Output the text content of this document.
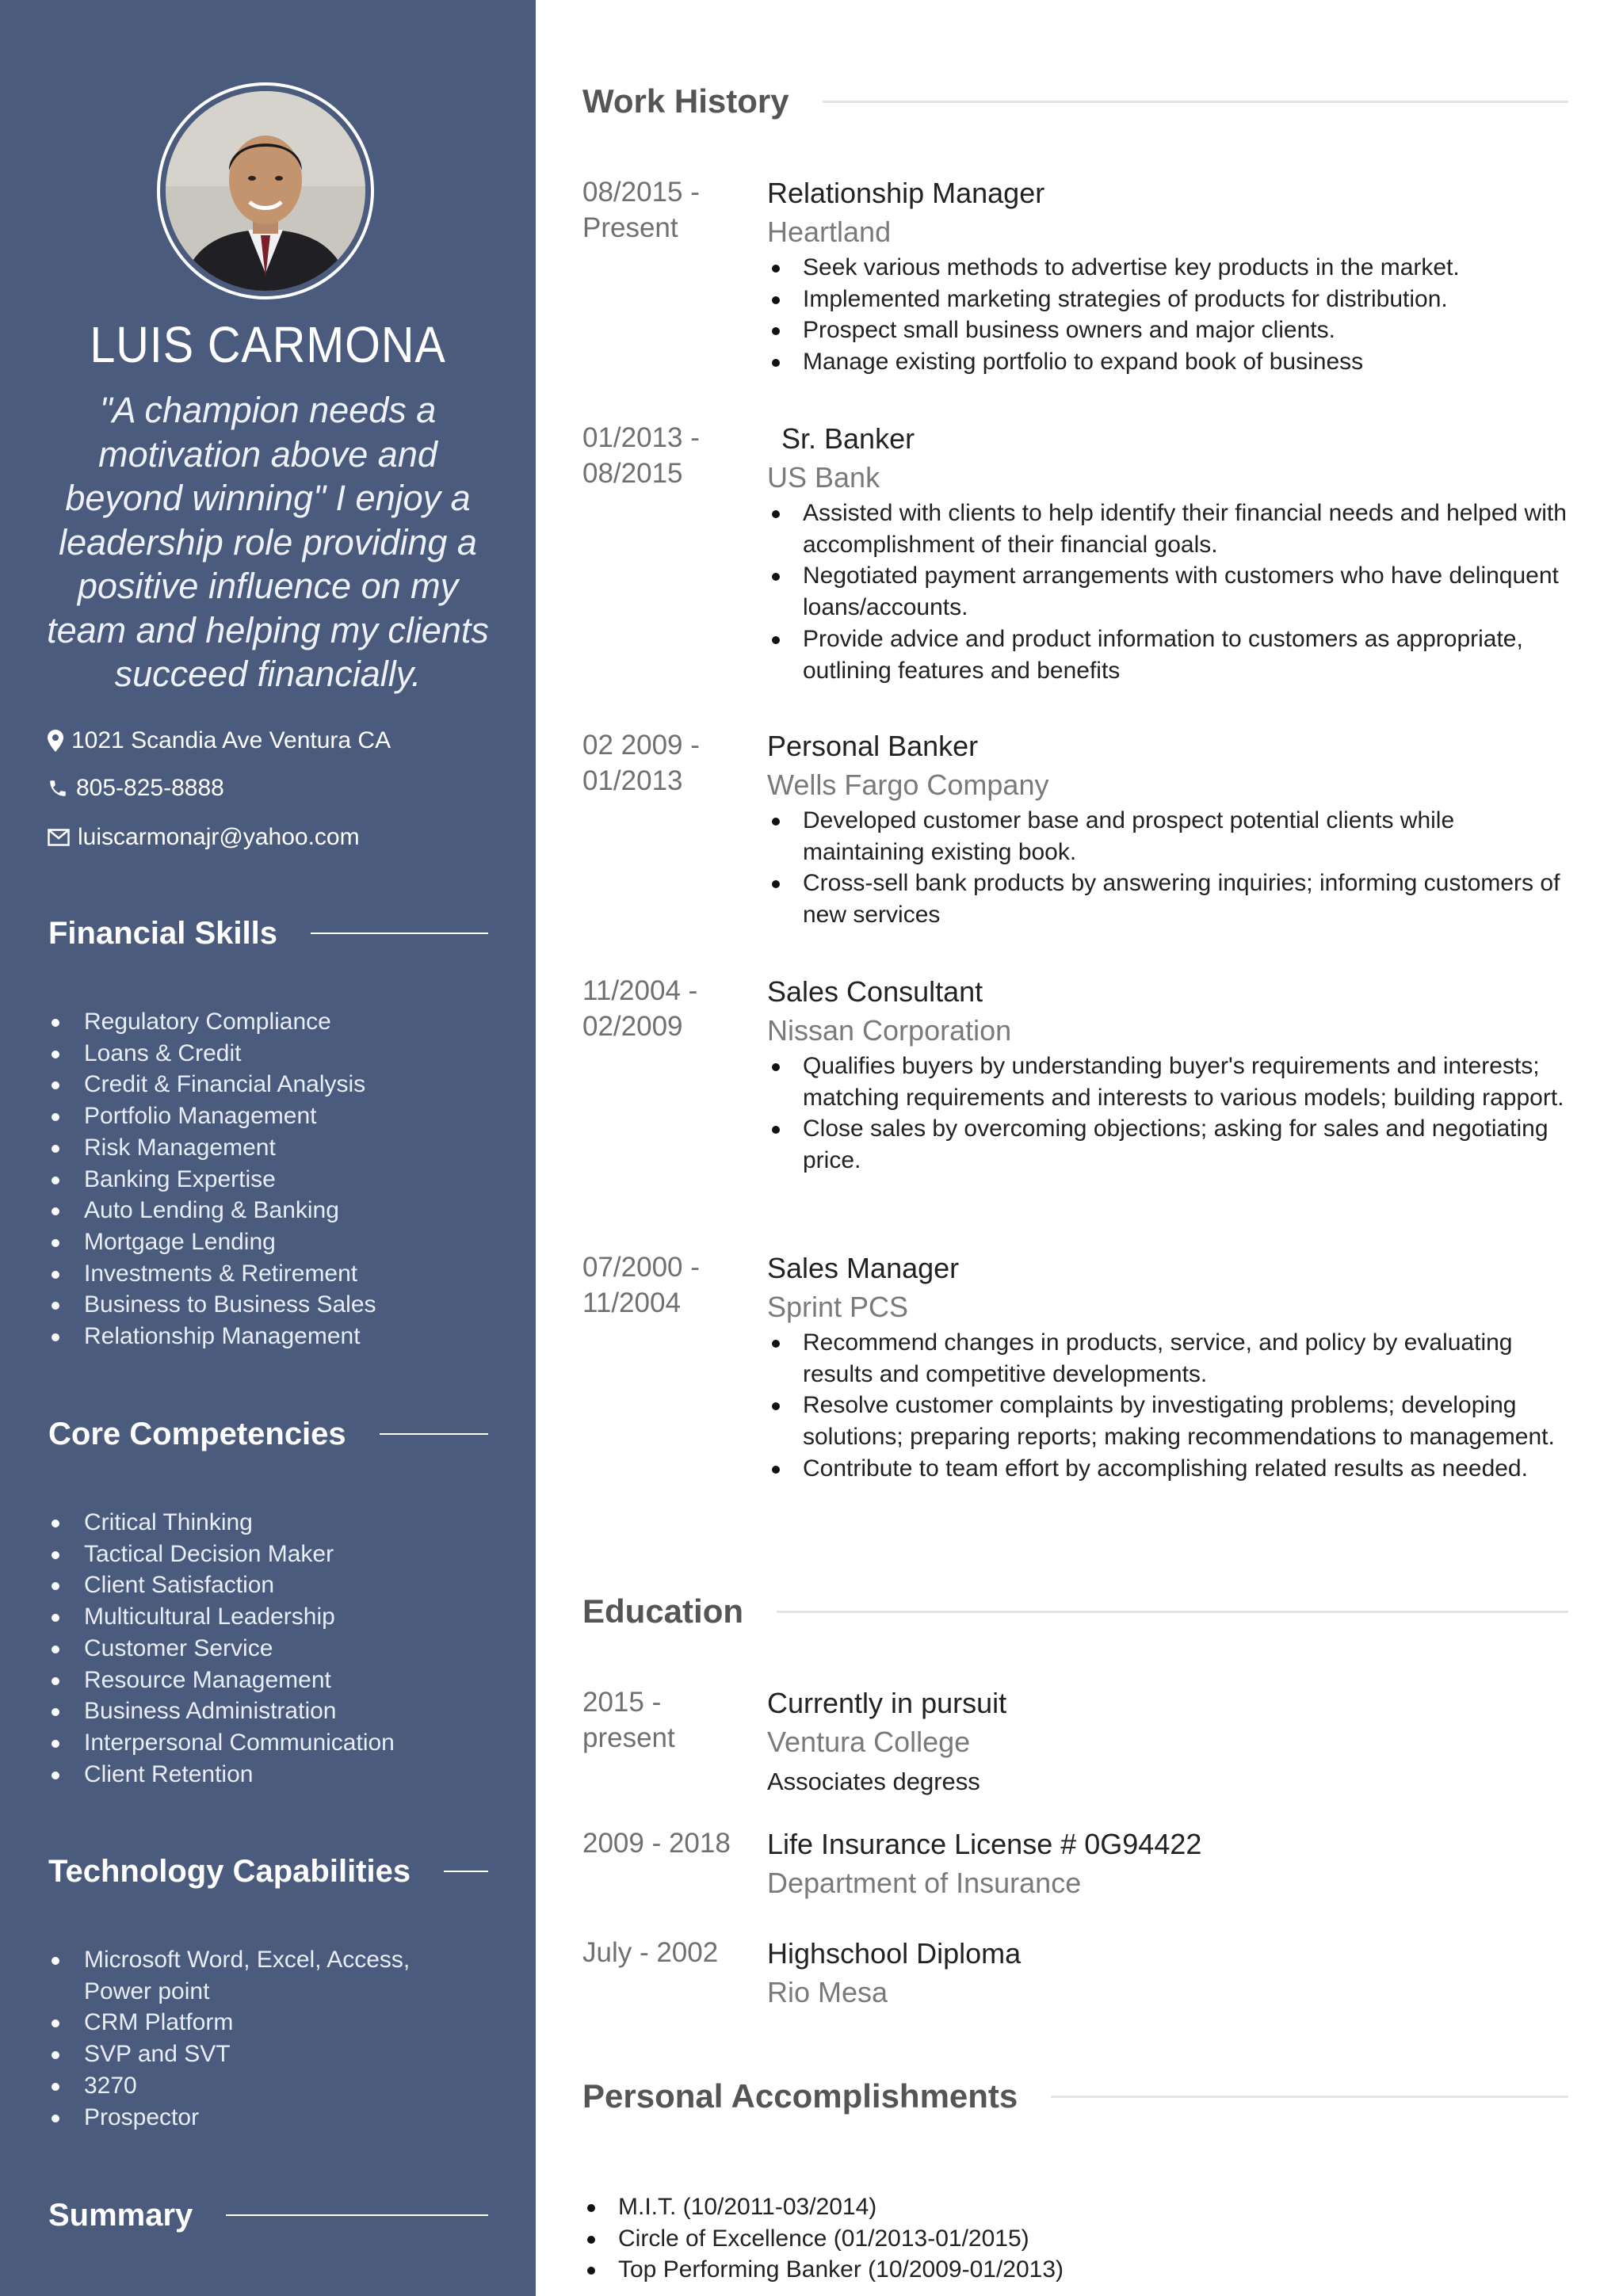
LUIS CARMONA
"A champion needs a motivation above and beyond winning" I enjoy a leadership role providing a positive influence on my team and helping my clients succeed financially.
1021 Scandia Ave Ventura CA
805-825-8888
luiscarmonajr@yahoo.com
Financial Skills
Regulatory Compliance
Loans & Credit
Credit & Financial Analysis
Portfolio Management
Risk Management
Banking Expertise
Auto Lending & Banking
Mortgage Lending
Investments & Retirement
Business to Business Sales
Relationship Management
Core Competencies
Critical Thinking
Tactical Decision Maker
Client Satisfaction
Multicultural Leadership
Customer Service
Resource Management
Business Administration
Interpersonal Communication
Client Retention
Technology Capabilities
Microsoft Word, Excel, Access, Power point
CRM Platform
SVP and SVT
3270
Prospector
Summary
Work History
08/2015 - Present
Relationship Manager
Heartland
Seek various methods to advertise key products in the market.
Implemented marketing strategies of products for distribution.
Prospect small business owners and major clients.
Manage existing portfolio to expand book of business
01/2013 - 08/2015
Sr. Banker
US Bank
Assisted with clients to help identify their financial needs and helped with accomplishment of their financial goals.
Negotiated payment arrangements with customers who have delinquent loans/accounts.
Provide advice and product information to customers as appropriate, outlining features and benefits
02 2009 - 01/2013
Personal Banker
Wells Fargo Company
Developed customer base and prospect potential clients while maintaining existing book.
Cross-sell bank products by answering inquiries; informing customers of new services
11/2004 - 02/2009
Sales Consultant
Nissan Corporation
Qualifies buyers by understanding buyer's requirements and interests; matching requirements and interests to various models; building rapport.
Close sales by overcoming objections; asking for sales and negotiating price.
07/2000 - 11/2004
Sales Manager
Sprint PCS
Recommend changes in products, service, and policy by evaluating results and competitive developments.
Resolve customer complaints by investigating problems; developing solutions; preparing reports; making recommendations to management.
Contribute to team effort by accomplishing related results as needed.
Education
2015 - present
Currently in pursuit
Ventura College
Associates degress
2009 - 2018	Life Insurance License # 0G94422
Department of Insurance
July - 2002	Highschool Diploma
Rio Mesa
Personal Accomplishments
M.I.T. (10/2011-03/2014)
Circle of Excellence (01/2013-01/2015)
Top Performing Banker (10/2009-01/2013)
